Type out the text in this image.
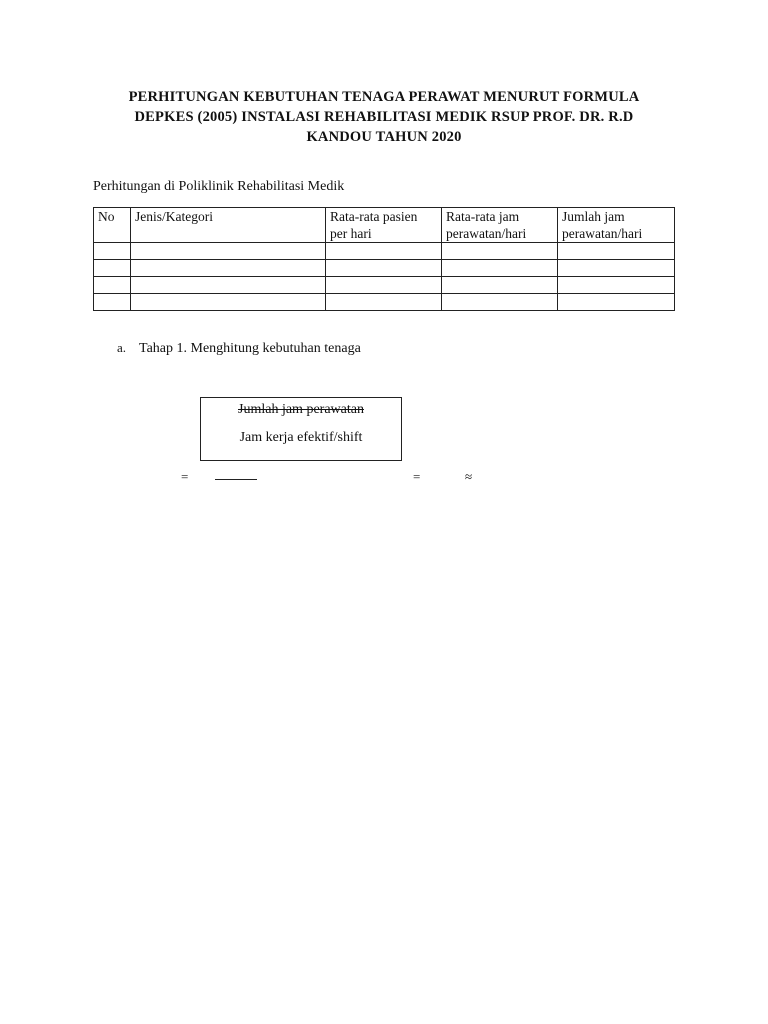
PERHITUNGAN KEBUTUHAN TENAGA PERAWAT MENURUT FORMULA
DEPKES (2005) INSTALASI REHABILITASI MEDIK RSUP PROF. DR. R.D
KANDOU TAHUN 2020
Perhitungan di Poliklinik Rehabilitasi Medik
No	Jenis/Kategori	Rata-rata pasien per hari	Rata-rata jam perawatan/hari	Jumlah jam perawatan/hari

a. Tahap 1. Menghitung kebutuhan tenaga
Jumlah jam perawatan
Jam kerja efektif/shift
=	=	≈
